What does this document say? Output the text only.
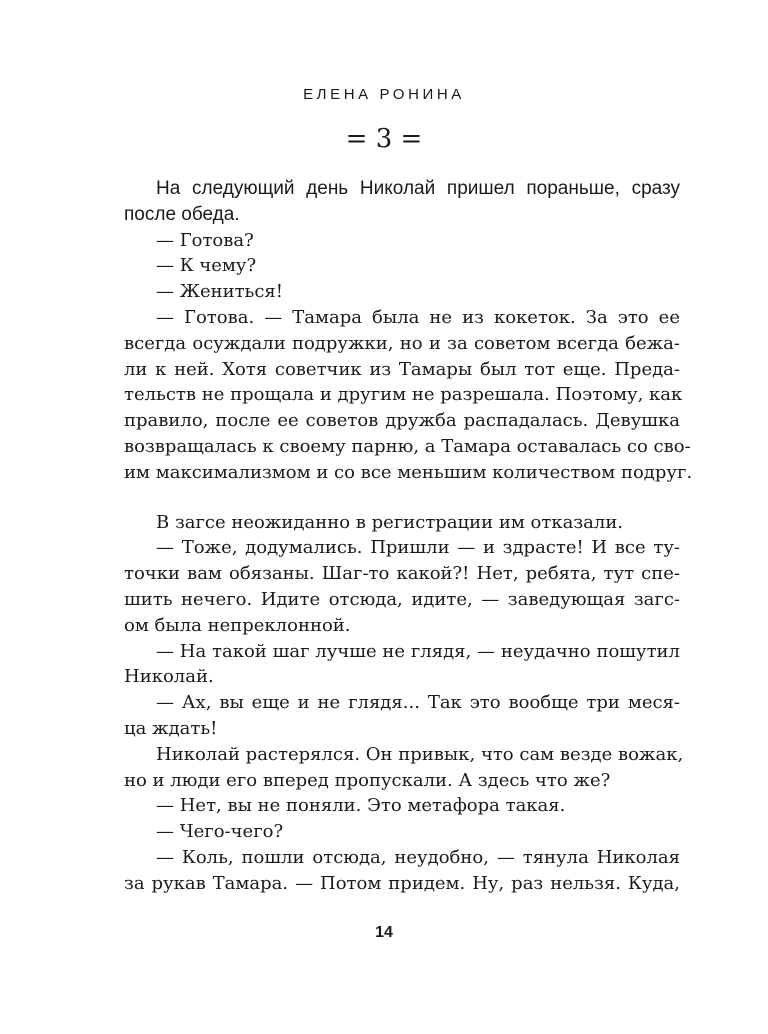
ЕЛЕНА РОНИНА
= 3 =
На следующий день Николай пришел пораньше, сразу
после обеда.
— Готова?
— К чему?
— Жениться!
— Готова. — Тамара была не из кокеток. За это ее
всегда осуждали подружки, но и за советом всегда бежа-
ли к ней. Хотя советчик из Тамары был тот еще. Преда-
тельств не прощала и другим не разрешала. Поэтому, как
правило, после ее советов дружба распадалась. Девушка
возвращалась к своему парню, а Тамара оставалась со сво-
им максимализмом и со все меньшим количеством подруг.
В загсе неожиданно в регистрации им отказали.
— Тоже, додумались. Пришли — и здрасте! И все ту-
точки вам обязаны. Шаг-то какой?! Нет, ребята, тут спе-
шить нечего. Идите отсюда, идите, — заведующая загс-
ом была непреклонной.
— На такой шаг лучше не глядя, — неудачно пошутил
Николай.
— Ах, вы еще и не глядя... Так это вообще три меся-
ца ждать!
Николай растерялся. Он привык, что сам везде вожак,
но и люди его вперед пропускали. А здесь что же?
— Нет, вы не поняли. Это метафора такая.
— Чего-чего?
— Коль, пошли отсюда, неудобно, — тянула Николая
за рукав Тамара. — Потом придем. Ну, раз нельзя. Куда,
14
